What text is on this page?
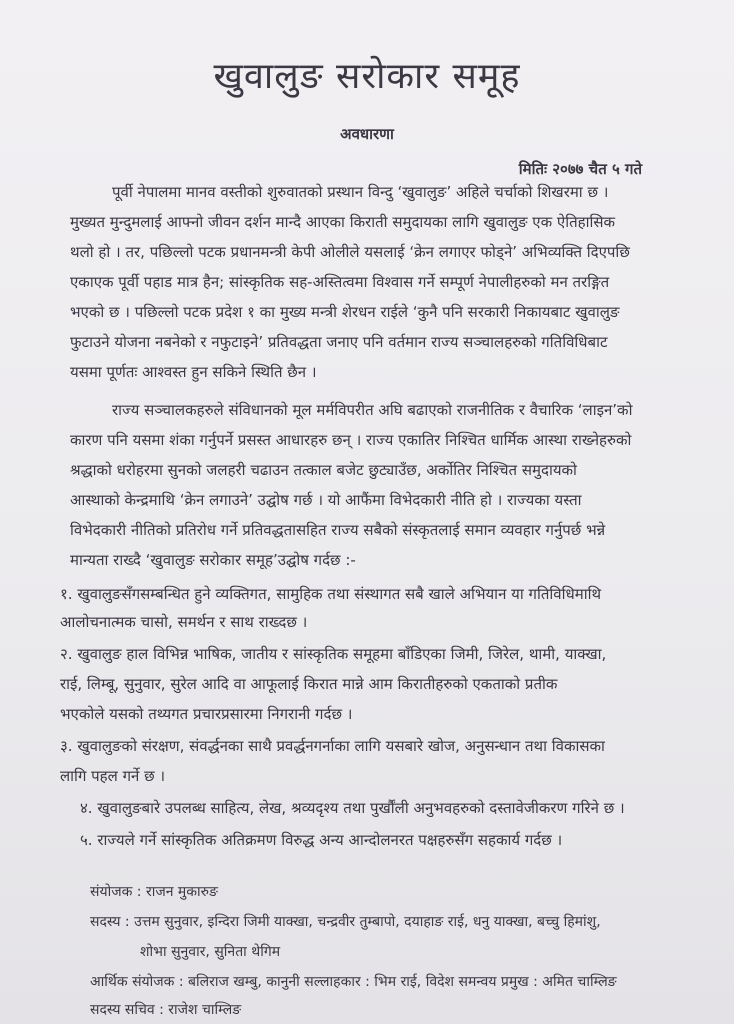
खुवालुङ सरोकार समूह
अवधारणा
मितिः २०७७ चैत ५ गते
पूर्वी नेपालमा मानव वस्तीको शुरुवातको प्रस्थान विन्दु ‘खुवालुङ’ अहिले चर्चाको शिखरमा छ ।
मुख्यत मुन्दुमलाई आफ्नो जीवन दर्शन मान्दै आएका किराती समुदायका लागि खुवालुङ एक ऐतिहासिक
थलो हो । तर, पछिल्लो पटक प्रधानमन्त्री केपी ओलीले यसलाई ‘क्रेन लगाएर फोड्ने’ अभिव्यक्ति दिएपछि
एकाएक पूर्वी पहाड मात्र हैन; सांस्कृतिक सह-अस्तित्वमा विश्वास गर्ने सम्पूर्ण नेपालीहरुको मन तरङ्गित
भएको छ । पछिल्लो पटक प्रदेश १ का मुख्य मन्त्री शेरधन राईले ‘कुनै पनि सरकारी निकायबाट खुवालुङ
फुटाउने योजना नबनेको र नफुटाइने’ प्रतिवद्धता जनाए पनि वर्तमान राज्य सञ्चालहरुको गतिविधिबाट
यसमा पूर्णतः आश्वस्त हुन सकिने स्थिति छैन ।
राज्य सञ्चालकहरुले संविधानको मूल मर्मविपरीत अघि बढाएको राजनीतिक र वैचारिक ‘लाइन’को
कारण पनि यसमा शंका गर्नुपर्ने प्रसस्त आधारहरु छन् । राज्य एकातिर निश्चित धार्मिक आस्था राख्नेहरुको
श्रद्धाको धरोहरमा सुनको जलहरी चढाउन तत्काल बजेट छुट्याउँछ, अर्कोतिर निश्चित समुदायको
आस्थाको केन्द्रमाथि ‘क्रेन लगाउने’ उद्घोष गर्छ । यो आफैंमा विभेदकारी नीति हो । राज्यका यस्ता
विभेदकारी नीतिको प्रतिरोध गर्ने प्रतिवद्धतासहित राज्य सबैको संस्कृतलाई समान व्यवहार गर्नुपर्छ भन्ने
मान्यता राख्दै ‘खुवालुङ सरोकार समूह’उद्घोष गर्दछ :-
१. खुवालुङसँगसम्बन्धित हुने व्यक्तिगत, सामुहिक तथा संस्थागत सबै खाले अभियान या गतिविधिमाथि
आलोचनात्मक चासो, समर्थन र साथ राख्दछ ।
२. खुवालुङ हाल विभिन्न भाषिक, जातीय र सांस्कृतिक समूहमा बाँडिएका जिमी, जिरेल, थामी, याक्खा,
राई, लिम्बू, सुनुवार, सुरेल आदि वा आफूलाई किरात मान्ने आम किरातीहरुको एकताको प्रतीक
भएकोले यसको तथ्यगत प्रचारप्रसारमा निगरानी गर्दछ ।
३. खुवालुङको संरक्षण, संवर्द्धनका साथै प्रवर्द्धनगर्नाका लागि यसबारे खोज, अनुसन्धान तथा विकासका
लागि पहल गर्ने छ ।
४. खुवालुङबारे उपलब्ध साहित्य, लेख, श्रव्यदृश्य तथा पुर्खौंली अनुभवहरुको दस्तावेजीकरण गरिने छ ।
५. राज्यले गर्ने सांस्कृतिक अतिक्रमण विरुद्ध अन्य आन्दोलनरत पक्षहरुसँग सहकार्य गर्दछ ।
संयोजक : राजन मुकारुङ
सदस्य : उत्तम सुनुवार, इन्दिरा जिमी याक्खा, चन्द्रवीर तुम्बापो, दयाहाङ राई, धनु याक्खा, बच्चु हिमांशु,
शोभा सुनुवार, सुनिता थेगिम
आर्थिक संयोजक : बलिराज खम्बु, कानुनी सल्लाहकार : भिम राई, विदेश समन्वय प्रमुख : अमित चाम्लिङ
सदस्य सचिव : राजेश चाम्लिङ
